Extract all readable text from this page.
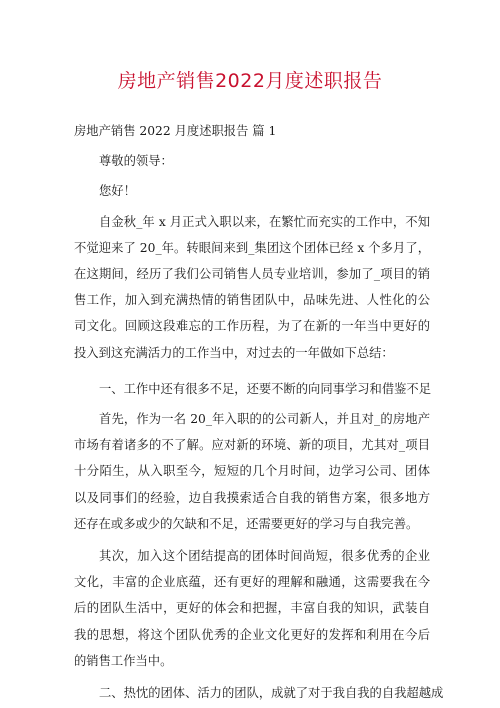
房地产销售2022月度述职报告

房地产销售 2022 月度述职报告 篇 1

尊敬的领导：

您好！

自金秋_年 x 月正式入职以来，在繁忙而充实的工作中，不知不觉迎来了 20_年。转眼间来到_集团这个团体已经 x 个多月了，在这期间，经历了我们公司销售人员专业培训，参加了_项目的销售工作，加入到充满热情的销售团队中，品味先进、人性化的公司文化。回顾这段难忘的工作历程，为了在新的一年当中更好的投入到这充满活力的工作当中，对过去的一年做如下总结：

一、工作中还有很多不足，还要不断的向同事学习和借鉴不足

首先，作为一名 20_年入职的的公司新人，并且对_的房地产市场有着诸多的不了解。应对新的环境、新的项目，尤其对_项目十分陌生，从入职至今，短短的几个月时间，边学习公司、团体以及同事们的经验，边自我摸索适合自我的销售方案，很多地方还存在或多或少的欠缺和不足，还需要更好的学习与自我完善。

其次，加入这个团结提高的团体时间尚短，很多优秀的企业文化，丰富的企业底蕴，还有更好的理解和融通，这需要我在今后的团队生活中，更好的体会和把握，丰富自我的知识，武装自我的思想，将这个团队优秀的企业文化更好的发挥和利用在今后的销售工作当中。

二、热忱的团体、活力的团队，成就了对于我自我的自我超越成
